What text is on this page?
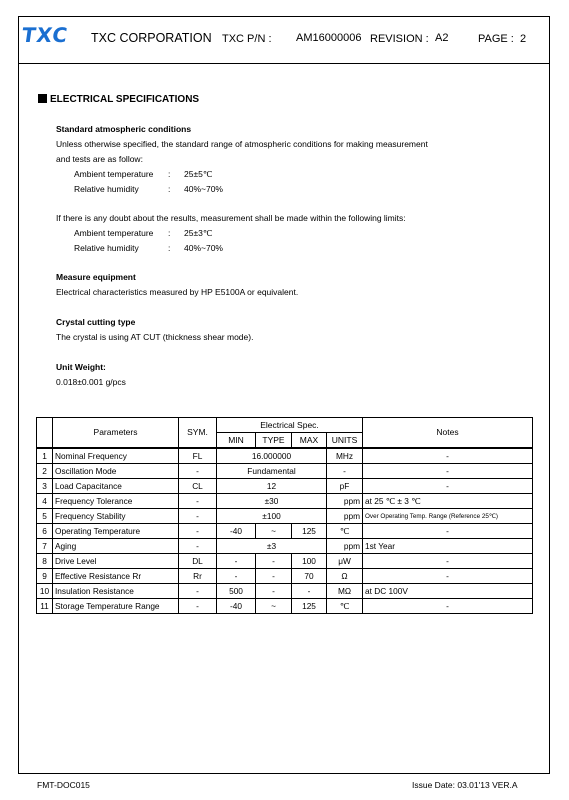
TXC TXC CORPORATION TXC P/N : AM16000006 REVISION : A2	PAGE : 2
ELECTRICAL SPECIFICATIONS
Standard atmospheric conditions
Unless otherwise specified, the standard range of atmospheric conditions for making measurement
and tests are as follow:
Ambient temperature : 25±5℃
Relative humidity	: 40%~70%
If there is any doubt about the results, measurement shall be made within the following limits:
Ambient temperature : 25±3℃
Relative humidity	: 40%~70%
Measure equipment
Electrical characteristics measured by HP E5100A or equivalent.
Crystal cutting type
The crystal is using AT CUT (thickness shear mode).
Unit Weight:
0.018±0.001 g/pcs
	Parameters	SYM.	Electrical Spec.				Notes
			MIN	TYPE	MAX	UNITS	
1	Nominal Frequency	FL	16.000000			MHz	-
2	Oscillation Mode	-	Fundamental			-	-
3	Load Capacitance	CL	12			pF	-
4	Frequency Tolerance	-	±30			ppm	at 25 ℃ ± 3 ℃
5	Frequency Stability	-	±100			ppm	Over Operating Temp. Range (Reference 25℃)
6	Operating Temperature	-	-40	~	125	℃	-
7	Aging	-	±3			ppm	1st Year
8	Drive Level	DL	-	-	100	μW	-
9	Effective Resistance Rr	Rr	-	-	70	Ω	-
10	Insulation Resistance	-	500	-	-	MΩ	at DC 100V
11	Storage Temperature Range	-	-40	~	125	℃	-
FMT-DOC015	Issue Date: 03.01'13 VER.A
